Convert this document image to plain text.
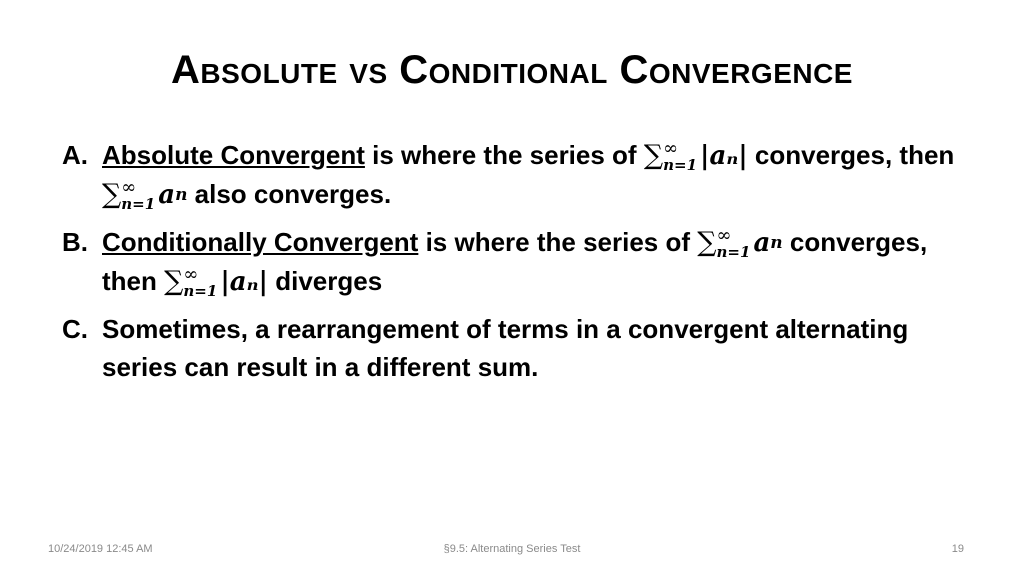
Absolute vs Conditional Convergence
A. Absolute Convergent is where the series of ∑ ∞
n=1 |aₙ| converges, then

∑ ∞
n=1 a n also converges.
B. Conditionally Convergent is where the series of ∑ ∞
n=1 a n converges,
then ∑ ∞
n=1 |aₙ| diverges
C. Sometimes, a rearrangement of terms in a convergent alternating series can result in a different sum.
10/24/2019 12:45 AM	§9.5: Alternating Series Test	19
